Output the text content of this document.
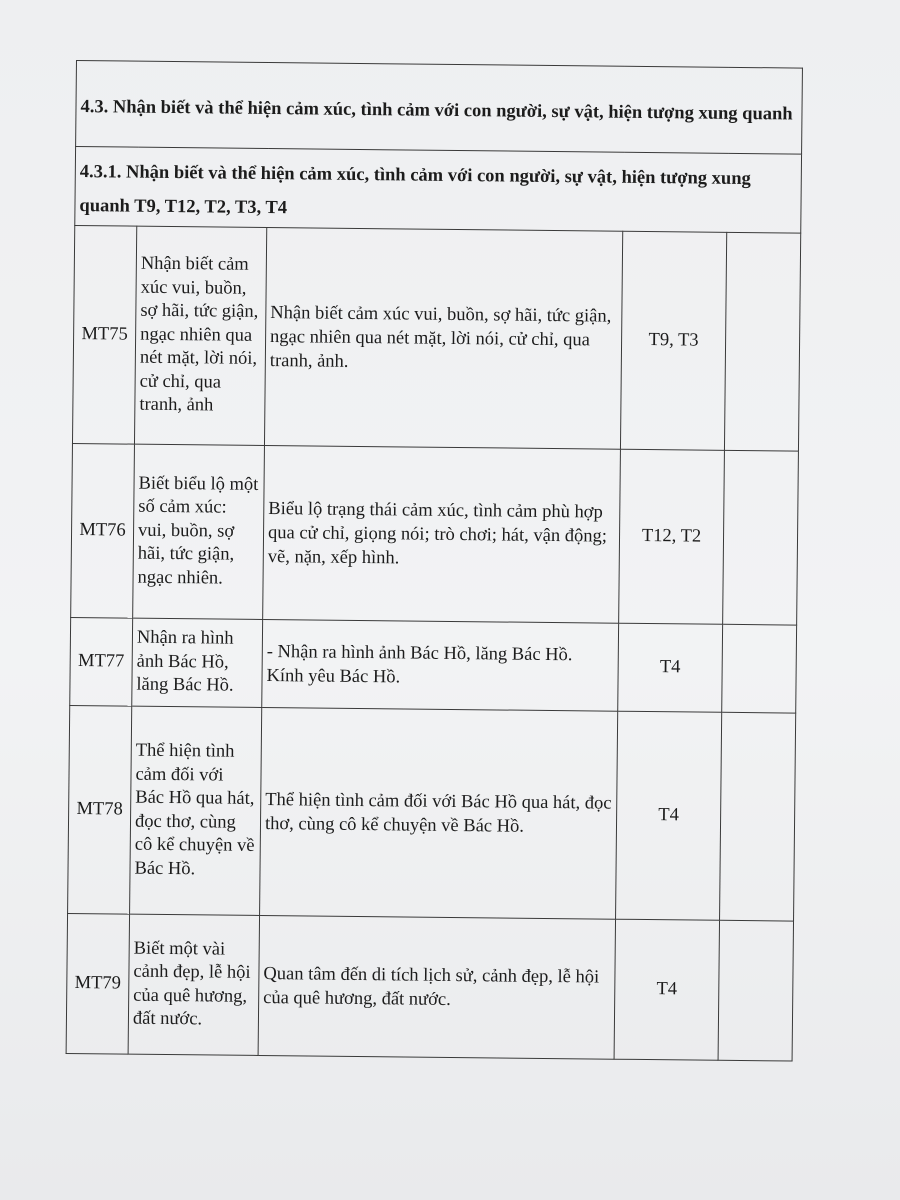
4.3. Nhận biết và thể hiện cảm xúc, tình cảm với con người, sự vật, hiện tượng xung quanh				
4.3.1. Nhận biết và thể hiện cảm xúc, tình cảm với con người, sự vật, hiện tượng xung quanh T9, T12, T2, T3, T4				
MT75	Nhận biết cảm xúc vui, buồn, sợ hãi, tức giận, ngạc nhiên qua nét mặt, lời nói, cử chỉ, qua tranh, ảnh	Nhận biết cảm xúc vui, buồn, sợ hãi, tức giận, ngạc nhiên qua nét mặt, lời nói, cử chỉ, qua tranh, ảnh.	T9, T3	
MT76	Biết biểu lộ một số cảm xúc: vui, buồn, sợ hãi, tức giận, ngạc nhiên.	Biểu lộ trạng thái cảm xúc, tình cảm phù hợp qua cử chỉ, giọng nói; trò chơi; hát, vận động; vẽ, nặn, xếp hình.	T12, T2	
MT77	Nhận ra hình ảnh Bác Hồ, lăng Bác Hồ.	- Nhận ra hình ảnh Bác Hồ, lăng Bác Hồ. Kính yêu Bác Hồ.	T4	
MT78	Thể hiện tình cảm đối với Bác Hồ qua hát, đọc thơ, cùng cô kể chuyện về Bác Hồ.	Thể hiện tình cảm đối với Bác Hồ qua hát, đọc thơ, cùng cô kể chuyện về Bác Hồ.	T4	
MT79	Biết một vài cảnh đẹp, lễ hội của quê hương, đất nước.	Quan tâm đến di tích lịch sử, cảnh đẹp, lễ hội của quê hương, đất nước.	T4	
